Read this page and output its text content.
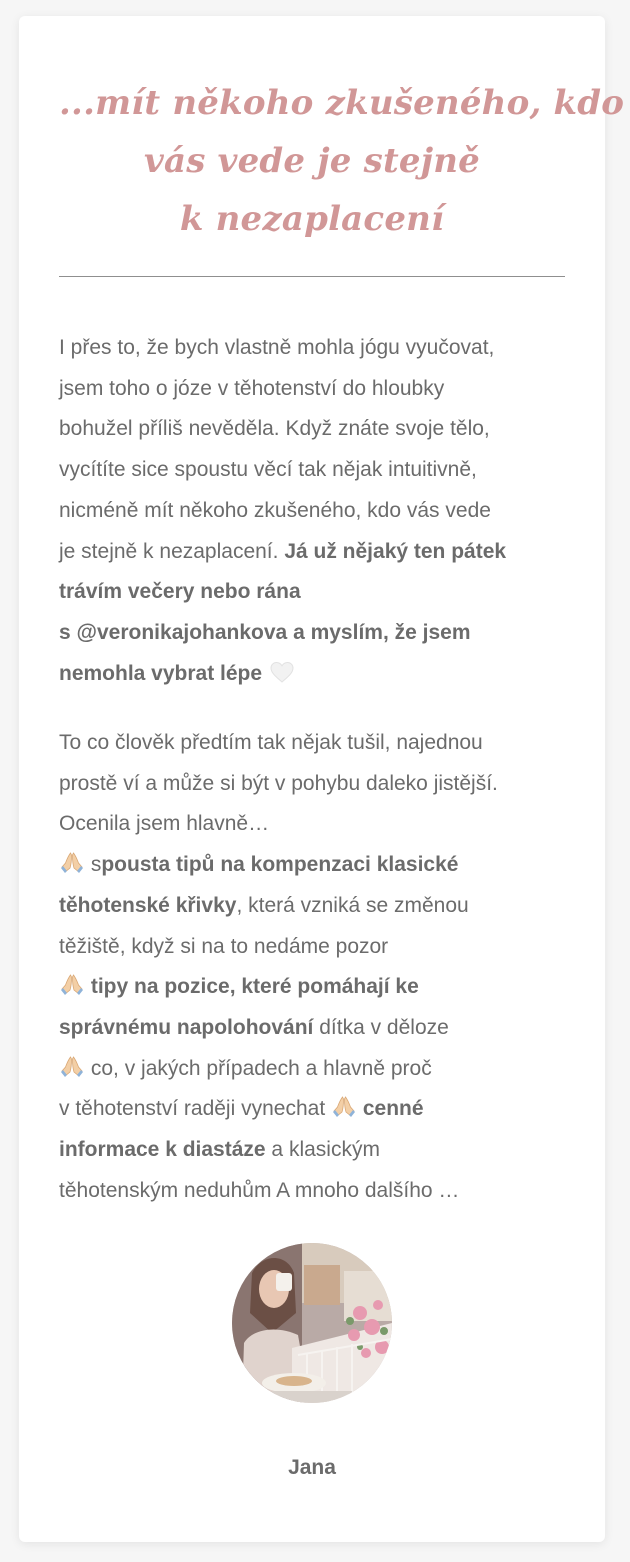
...mít někoho zkušeného, kdo
vás vede je stejně
k nezaplacení

I přes to, že bych vlastně mohla jógu vyučovat,
jsem toho o józe v těhotenství do hloubky
bohužel příliš nevěděla. Když znáte svoje tělo,
vycítíte sice spoustu věcí tak nějak intuitivně,
nicméně mít někoho zkušeného, kdo vás vede
je stejně k nezaplacení. Já už nějaký ten pátek
trávím večery nebo rána
s @veronikajohankova a myslím, že jsem
nemohla vybrat lépe

To co člověk předtím tak nějak tušil, najednou
prostě ví a může si být v pohybu daleko jistější.
Ocenila jsem hlavně…
spousta tipů na kompenzaci klasické
těhotenské křivky, která vzniká se změnou
těžiště, když si na to nedáme pozor
tipy na pozice, které pomáhají ke
správnému napolohování dítka v děloze
co, v jakých případech a hlavně proč
v těhotenství raději vynechat  cenné
informace k diastáze a klasickým
těhotenským neduhům A mnoho dalšího …

Jana
